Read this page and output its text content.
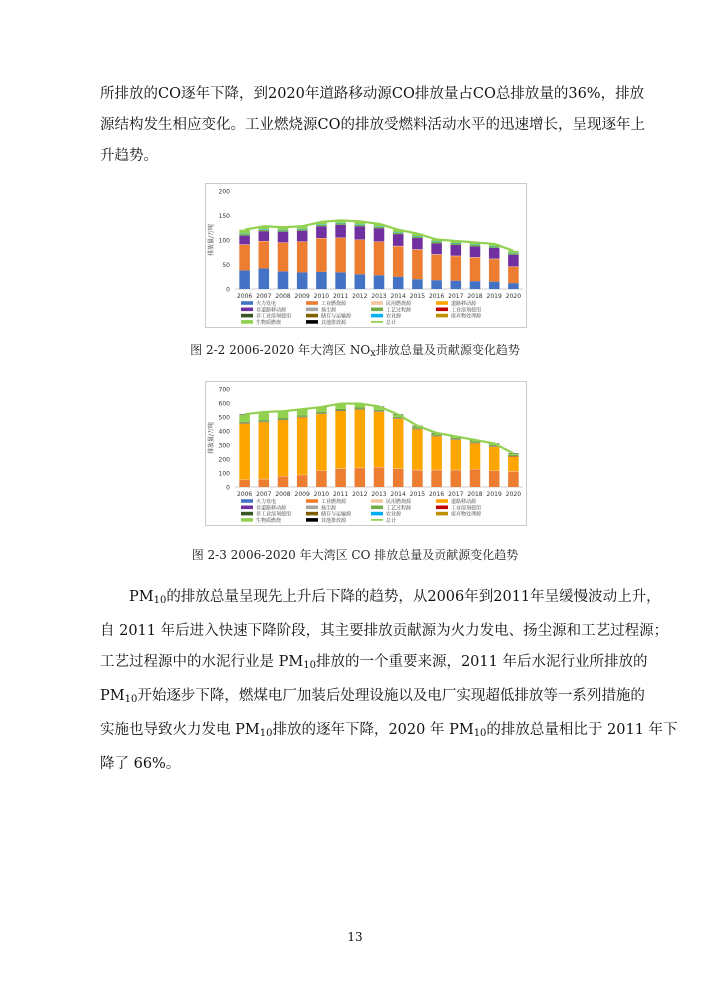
所排放的CO逐年下降，到2020年道路移动源CO排放量占CO总排放量的36%，排放
源结构发生相应变化。工业燃烧源CO的排放受燃料活动水平的迅速增长，呈现逐年上
升趋势。

0
50
100
150
200
排放量/万吨
2006 2007 2008 2009 2010 2011 2012 2013 2014 2015 2016 2017 2018 2019 2020
火力发电	工业燃烧源	民用燃烧源	道路移动源
非道路移动源	扬尘源	工艺过程源	工业溶剂使用
非工业溶剂使用	储存与运输源	农业源	废弃物处理源
生物质燃烧	其他排放源	总计
图 2-2 2006-2020 年大湾区 $NO_x$排放总量及贡献源变化趋势
0
100
200
300
400
500
600
700
排放量/万吨
2006 2007 2008 2009 2010 2011 2012 2013 2014 2015 2016 2017 2018 2019 2020
火力发电	工业燃烧源	民用燃烧源	道路移动源
非道路移动源	扬尘源	工艺过程源	工业溶剂使用
非工业溶剂使用	储存与运输源	农业源	废弃物处理源
生物质燃烧	其他排放源	总计
图 2-3 2006-2020 年大湾区 CO 排放总量及贡献源变化趋势

　　$PM_{10}$的排放总量呈现先上升后下降的趋势，从2006年到2011年呈缓慢波动上升，
自 2011 年后进入快速下降阶段，其主要排放贡献源为火力发电、扬尘源和工艺过程源；
工艺过程源中的水泥行业是 $PM_{10}$排放的一个重要来源，2011 年后水泥行业所排放的
$PM_{10}$开始逐步下降，燃煤电厂加装后处理设施以及电厂实现超低排放等一系列措施的
实施也导致火力发电 $PM_{10}$排放的逐年下降，2020 年 $PM_{10}$的排放总量相比于 2011 年下
降了 66%。

13
